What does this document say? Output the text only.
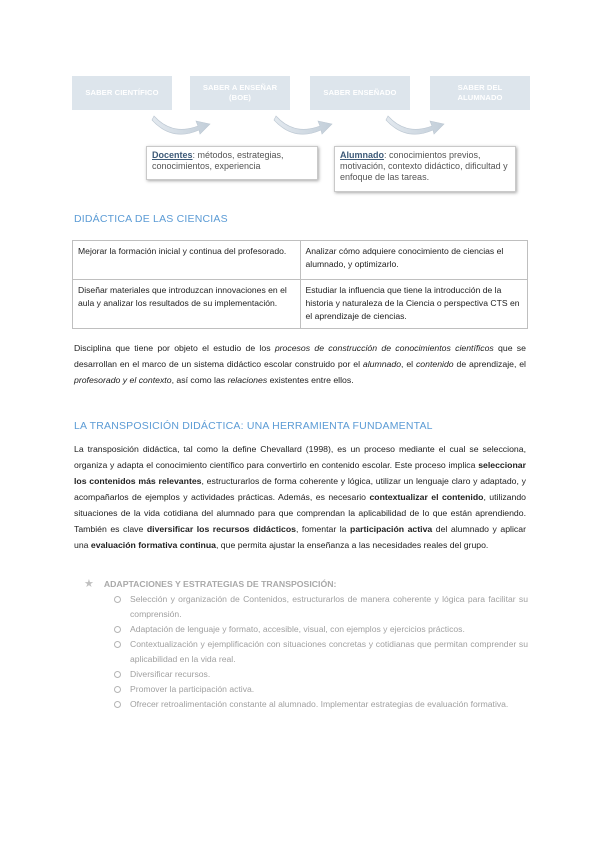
SABER CIENTÍFICO
SABER A ENSEÑAR
(BOE)
SABER ENSEÑADO
SABER DEL
ALUMNADO
Docentes: métodos, estrategias, conocimientos, experiencia
Alumnado: conocimientos previos, motivación, contexto didáctico, dificultad y enfoque de las tareas.
DIDÁCTICA DE LAS CIENCIAS
Mejorar la formación inicial y continua del profesorado.	Analizar cómo adquiere conocimiento de ciencias el alumnado, y optimizarlo.
Diseñar materiales que introduzcan innovaciones en el aula y analizar los resultados de su implementación.	Estudiar la influencia que tiene la introducción de la historia y naturaleza de la Ciencia o perspectiva CTS en el aprendizaje de ciencias.
Disciplina que tiene por objeto el estudio de los procesos de construcción de conocimientos científicos que se desarrollan en el marco de un sistema didáctico escolar construido por el alumnado, el contenido de aprendizaje, el profesorado y el contexto, así como las relaciones existentes entre ellos.
LA TRANSPOSICIÓN DIDÁCTICA: UNA HERRAMIENTA FUNDAMENTAL
La transposición didáctica, tal como la define Chevallard (1998), es un proceso mediante el cual se selecciona, organiza y adapta el conocimiento científico para convertirlo en contenido escolar. Este proceso implica seleccionar los contenidos más relevantes, estructurarlos de forma coherente y lógica, utilizar un lenguaje claro y adaptado, y acompañarlos de ejemplos y actividades prácticas. Además, es necesario contextualizar el contenido, utilizando situaciones de la vida cotidiana del alumnado para que comprendan la aplicabilidad de lo que están aprendiendo. También es clave diversificar los recursos didácticos, fomentar la participación activa del alumnado y aplicar una evaluación formativa continua, que permita ajustar la enseñanza a las necesidades reales del grupo.
★ ADAPTACIONES Y ESTRATEGIAS DE TRANSPOSICIÓN:
Selección y organización de Contenidos, estructurarlos de manera coherente y lógica para facilitar su comprensión.
Adaptación de lenguaje y formato, accesible, visual, con ejemplos y ejercicios prácticos.
Contextualización y ejemplificación con situaciones concretas y cotidianas que permitan comprender su aplicabilidad en la vida real.
Diversificar recursos.
Promover la participación activa.
Ofrecer retroalimentación constante al alumnado. Implementar estrategias de evaluación formativa.
